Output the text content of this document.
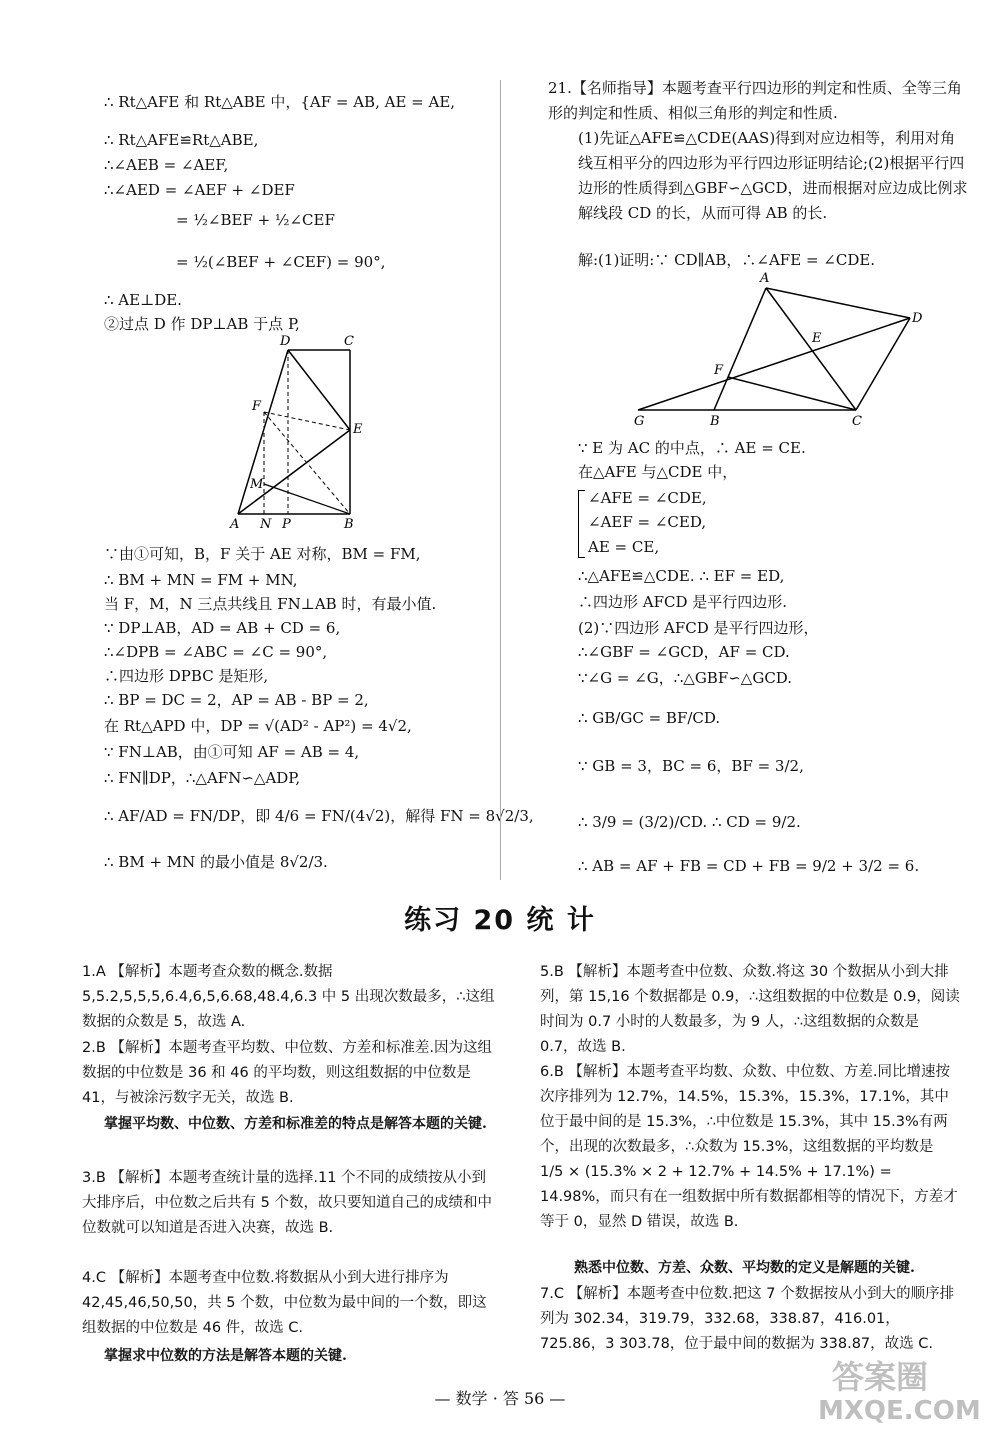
∴ Rt△AFE 和 Rt△ABE 中，{AF = AB, AE = AE,
∴ Rt△AFE≌Rt△ABE,
∴∠AEB = ∠AEF,
∴∠AED = ∠AEF + ∠DEF
= ½∠BEF + ½∠CEF
= ½(∠BEF + ∠CEF) = 90°,
∴ AE⊥DE.
②过点 D 作 DP⊥AB 于点 P,
D	C
F
E
M
A N P	B
∵由①可知，B，F 关于 AE 对称，BM = FM,
∴ BM + MN = FM + MN,
当 F，M，N 三点共线且 FN⊥AB 时，有最小值.
∵ DP⊥AB，AD = AB + CD = 6,
∴∠DPB = ∠ABC = ∠C = 90°,
∴四边形 DPBC 是矩形,
∴ BP = DC = 2，AP = AB - BP = 2,
在 Rt△APD 中，DP = √(AD² - AP²) = 4√2,
∵ FN⊥AB，由①可知 AF = AB = 4,
∴ FN∥DP，∴△AFN∽△ADP,
∴ AF/AD = FN/DP，即 4/6 = FN/(4√2)，解得 FN = 8√2/3,
∴ BM + MN 的最小值是 8√2/3.
21.【名师指导】本题考查平行四边形的判定和性质、全等三角形的判定和性质、相似三角形的判定和性质.
(1)先证△AFE≌△CDE(AAS)得到对应边相等，利用对角线互相平分的四边形为平行四边形证明结论;(2)根据平行四边形的性质得到△GBF∽△GCD，进而根据对应边成比例求解线段 CD 的长，从而可得 AB 的长.
解:(1)证明:∵ CD∥AB，∴∠AFE = ∠CDE.
A
D
E
F
G	B	C
∵ E 为 AC 的中点，∴ AE = CE.
在△AFE 与△CDE 中，
∠AFE = ∠CDE,
∠AEF = ∠CED,
AE = CE,
∴△AFE≌△CDE. ∴ EF = ED,
∴四边形 AFCD 是平行四边形.
(2)∵四边形 AFCD 是平行四边形，
∴∠GBF = ∠GCD，AF = CD.
∵∠G = ∠G，∴△GBF∽△GCD.
∴ GB/GC = BF/CD.
∵ GB = 3，BC = 6，BF = 3/2,
∴ 3/9 = (3/2)/CD. ∴ CD = 9/2.
∴ AB = AF + FB = CD + FB = 9/2 + 3/2 = 6.
练习 20 统 计
1.A 【解析】本题考查众数的概念.数据 5,5.2,5,5,5,6.4,6,5,6.68,48.4,6.3 中 5 出现次数最多，∴这组数据的众数是 5，故选 A.
2.B 【解析】本题考查平均数、中位数、方差和标准差.因为这组数据的中位数是 36 和 46 的平均数，则这组数据的中位数是 41，与被涂污数字无关，故选 B.
掌握平均数、中位数、方差和标准差的特点是解答本题的关键.
3.B 【解析】本题考查统计量的选择.11 个不同的成绩按从小到大排序后，中位数之后共有 5 个数，故只要知道自己的成绩和中位数就可以知道是否进入决赛，故选 B.
4.C 【解析】本题考查中位数.将数据从小到大进行排序为 42,45,46,50,50，共 5 个数，中位数为最中间的一个数，即这组数据的中位数是 46 件，故选 C.
掌握求中位数的方法是解答本题的关键.
5.B 【解析】本题考查中位数、众数.将这 30 个数据从小到大排列，第 15,16 个数据都是 0.9，∴这组数据的中位数是 0.9，阅读时间为 0.7 小时的人数最多，为 9 人，∴这组数据的众数是 0.7，故选 B.
6.B 【解析】本题考查平均数、众数、中位数、方差.同比增速按次序排列为 12.7%，14.5%，15.3%，15.3%，17.1%，其中位于最中间的是 15.3%，∴中位数是 15.3%，其中 15.3%有两个，出现的次数最多，∴众数为 15.3%，这组数据的平均数是 1/5 × (15.3% × 2 + 12.7% + 14.5% + 17.1%) = 14.98%，而只有在一组数据中所有数据都相等的情况下，方差才等于 0，显然 D 错误，故选 B.
熟悉中位数、方差、众数、平均数的定义是解题的关键.
7.C 【解析】本题考查中位数.把这 7 个数据按从小到大的顺序排列为 302.34，319.79，332.68，338.87，416.01，725.86，3 303.78，位于最中间的数据为 338.87，故选 C.
— 数学 · 答 56 —
答案圈
MXQE.COM
